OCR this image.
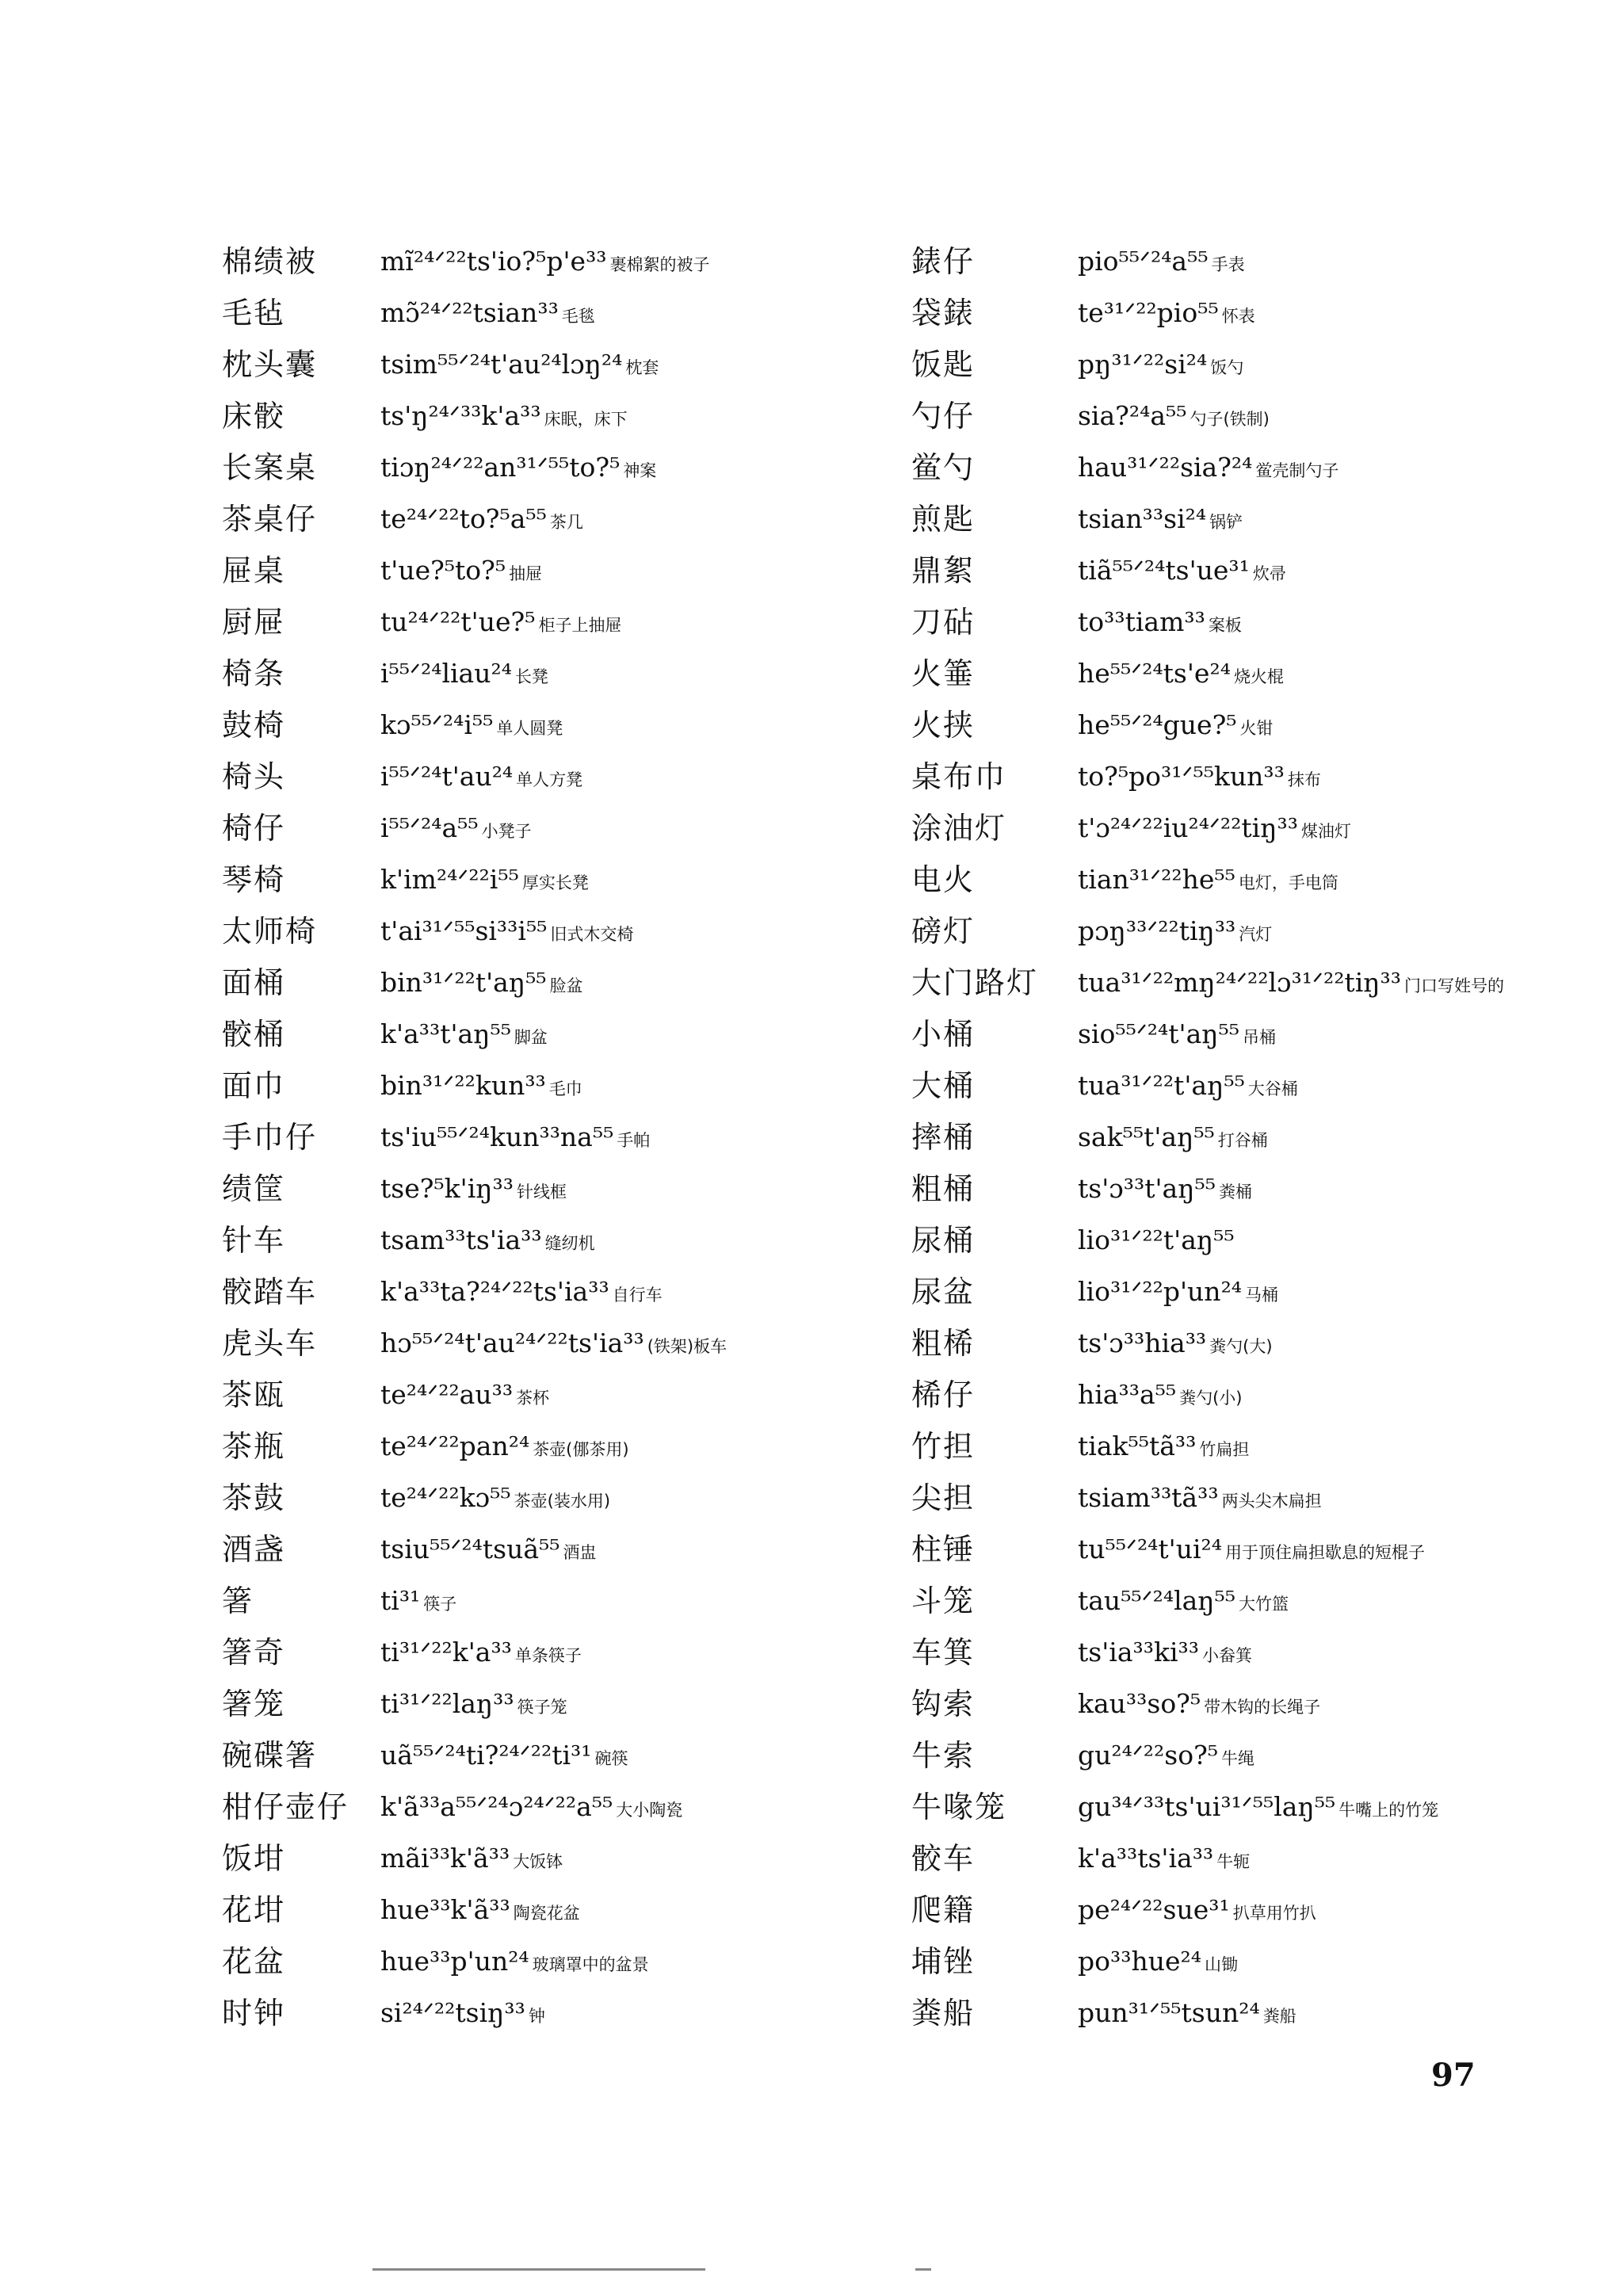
棉绩被 mĩ²⁴ᐟ²²ts'io?⁵p'e³³ 裹棉絮的被子
毛毡	mɔ̃²⁴ᐟ²²tsian³³ 毛毯
枕头囊 tsim⁵⁵ᐟ²⁴t'au²⁴lɔŋ²⁴ 枕套
床骹	ts'ŋ²⁴ᐟ³³k'a³³ 床眠，床下
长案桌 tiɔŋ²⁴ᐟ²²an³¹ᐟ⁵⁵to?⁵ 神案
茶桌仔 te²⁴ᐟ²²to?⁵a⁵⁵ 茶几
屉桌	t'ue?⁵to?⁵ 抽屉
厨屉	tu²⁴ᐟ²²t'ue?⁵ 柜子上抽屉
椅条	i⁵⁵ᐟ²⁴liau²⁴ 长凳
鼓椅	kɔ⁵⁵ᐟ²⁴i⁵⁵ 单人圆凳
椅头	i⁵⁵ᐟ²⁴t'au²⁴ 单人方凳
椅仔	i⁵⁵ᐟ²⁴a⁵⁵ 小凳子
琴椅	k'im²⁴ᐟ²²i⁵⁵ 厚实长凳
太师椅 t'ai³¹ᐟ⁵⁵si³³i⁵⁵ 旧式木交椅
面桶	bin³¹ᐟ²²t'aŋ⁵⁵ 脸盆
骹桶	k'a³³t'aŋ⁵⁵ 脚盆
面巾	bin³¹ᐟ²²kun³³ 毛巾
手巾仔 ts'iu⁵⁵ᐟ²⁴kun³³na⁵⁵ 手帕
绩筐	tse?⁵k'iŋ³³ 针线框
针车	tsam³³ts'ia³³ 缝纫机
骹踏车 k'a³³ta?²⁴ᐟ²²ts'ia³³ 自行车
虎头车 hɔ⁵⁵ᐟ²⁴t'au²⁴ᐟ²²ts'ia³³ (铁架)板车
茶瓯	te²⁴ᐟ²²au³³ 茶杯
茶瓶	te²⁴ᐟ²²pan²⁴ 茶壶(㑚茶用)
茶鼓	te²⁴ᐟ²²kɔ⁵⁵ 茶壶(装水用)
酒盏	tsiu⁵⁵ᐟ²⁴tsuã⁵⁵ 酒盅
箸	ti³¹ 筷子
箸奇	ti³¹ᐟ²²k'a³³ 单条筷子
箸笼	ti³¹ᐟ²²laŋ³³ 筷子笼
碗碟箸 uã⁵⁵ᐟ²⁴ti?²⁴ᐟ²²ti³¹ 碗筷
柑仔壶仔 k'ã³³a⁵⁵ᐟ²⁴ɔ²⁴ᐟ²²a⁵⁵ 大小陶瓷
饭坩	mãi³³k'ã³³ 大饭钵
花坩	hue³³k'ã³³ 陶瓷花盆
花盆	hue³³p'un²⁴ 玻璃罩中的盆景
时钟	si²⁴ᐟ²²tsiŋ³³ 钟
錶仔	pio⁵⁵ᐟ²⁴a⁵⁵ 手表
袋錶	te³¹ᐟ²²pio⁵⁵ 怀表
饭匙	pŋ³¹ᐟ²²si²⁴ 饭勺
勺仔	sia?²⁴a⁵⁵ 勺子(铁制)
鲎勺	hau³¹ᐟ²²sia?²⁴ 鲎壳制勺子
煎匙	tsian³³si²⁴ 锅铲
鼎絮	tiã⁵⁵ᐟ²⁴ts'ue³¹ 炊帚
刀砧	to³³tiam³³ 案板
火箠	he⁵⁵ᐟ²⁴ts'e²⁴ 烧火棍
火挟	he⁵⁵ᐟ²⁴gue?⁵ 火钳
桌布巾	to?⁵po³¹ᐟ⁵⁵kun³³ 抹布
涂油灯	t'ɔ²⁴ᐟ²²iu²⁴ᐟ²²tiŋ³³ 煤油灯
电火	tian³¹ᐟ²²he⁵⁵ 电灯，手电筒
磅灯	pɔŋ³³ᐟ²²tiŋ³³ 汽灯
大门路灯 tua³¹ᐟ²²mŋ²⁴ᐟ²²lɔ³¹ᐟ²²tiŋ³³ 门口写姓号的
小桶	sio⁵⁵ᐟ²⁴t'aŋ⁵⁵ 吊桶
大桶	tua³¹ᐟ²²t'aŋ⁵⁵ 大谷桶
摔桶	sak⁵⁵t'aŋ⁵⁵ 打谷桶
粗桶	ts'ɔ³³t'aŋ⁵⁵ 粪桶
尿桶	lio³¹ᐟ²²t'aŋ⁵⁵
尿盆	lio³¹ᐟ²²p'un²⁴ 马桶
粗桸	ts'ɔ³³hia³³ 粪勺(大)
桸仔	hia³³a⁵⁵ 粪勺(小)
竹担	tiak⁵⁵tã³³ 竹扁担
尖担	tsiam³³tã³³ 两头尖木扁担
柱锤	tu⁵⁵ᐟ²⁴t'ui²⁴ 用于顶住扁担歇息的短棍子
斗笼	tau⁵⁵ᐟ²⁴laŋ⁵⁵ 大竹篮
车箕	ts'ia³³ki³³ 小畚箕
钩索	kau³³so?⁵ 带木钩的长绳子
牛索	gu²⁴ᐟ²²so?⁵ 牛绳
牛喙笼	gu³⁴ᐟ³³ts'ui³¹ᐟ⁵⁵laŋ⁵⁵ 牛嘴上的竹笼
骹车	k'a³³ts'ia³³ 牛轭
爬籍	pe²⁴ᐟ²²sue³¹ 扒草用竹扒
埔锉	po³³hue²⁴ 山锄
粪船	pun³¹ᐟ⁵⁵tsun²⁴ 粪船
97
